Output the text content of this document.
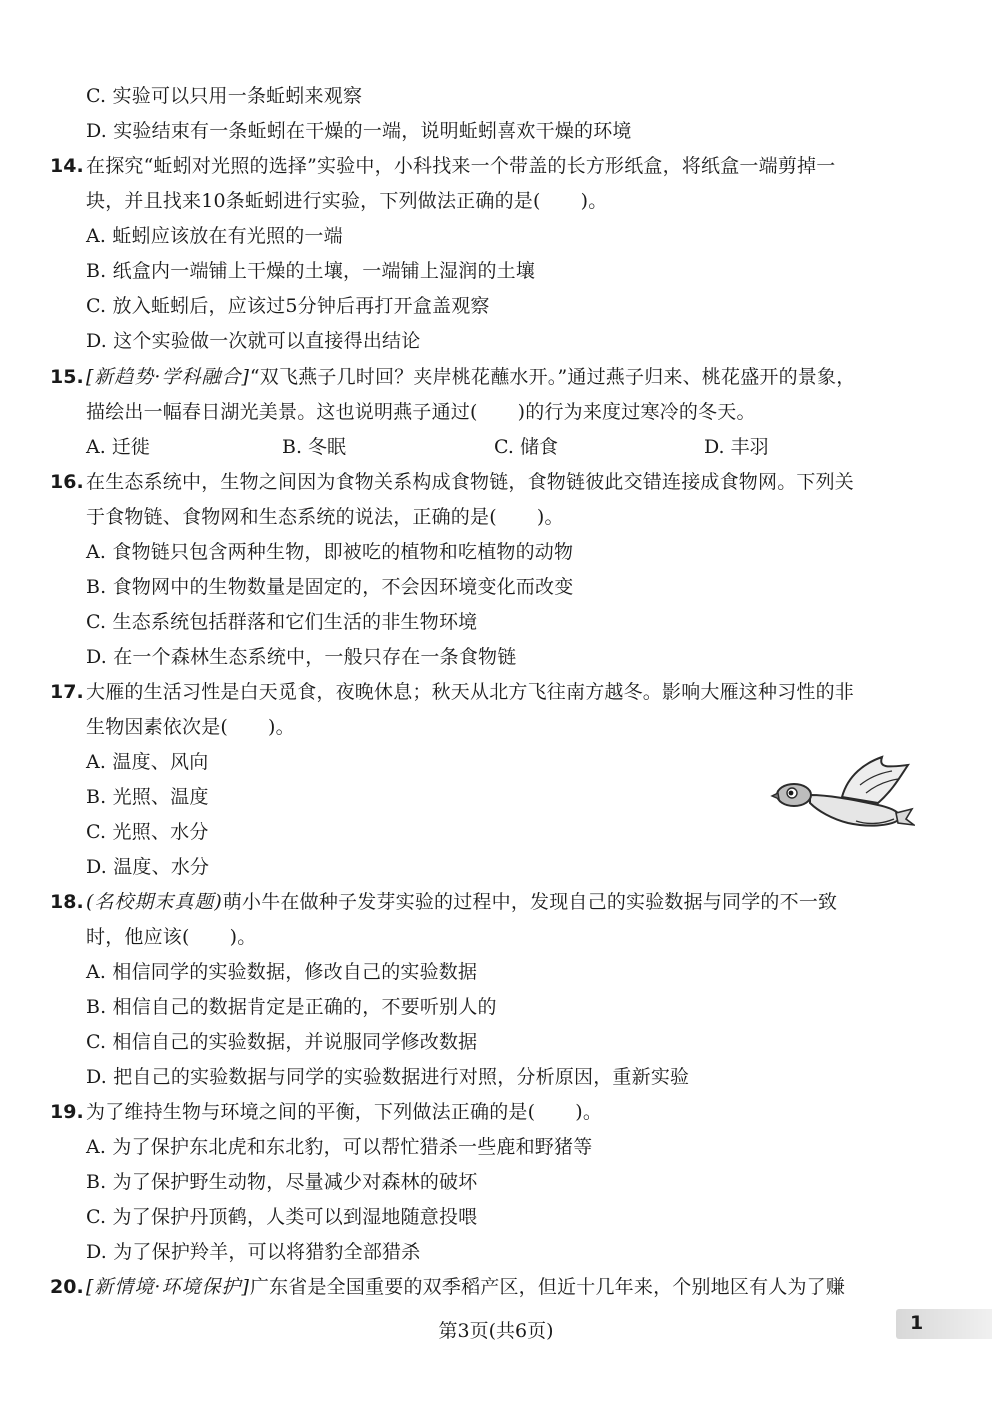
C. 实验可以只用一条蚯蚓来观察
D. 实验结束有一条蚯蚓在干燥的一端，说明蚯蚓喜欢干燥的环境
14. 在探究“蚯蚓对光照的选择”实验中，小科找来一个带盖的长方形纸盒，将纸盒一端剪掉一
块，并且找来10条蚯蚓进行实验，下列做法正确的是( )。
A. 蚯蚓应该放在有光照的一端
B. 纸盒内一端铺上干燥的土壤，一端铺上湿润的土壤
C. 放入蚯蚓后，应该过5分钟后再打开盒盖观察
D. 这个实验做一次就可以直接得出结论
15. [新趋势·学科融合]“双飞燕子几时回？夹岸桃花蘸水开。”通过燕子归来、桃花盛开的景象，
描绘出一幅春日湖光美景。这也说明燕子通过( )的行为来度过寒冷的冬天。
A. 迁徙	B. 冬眠	C. 储食	D. 丰羽
16. 在生态系统中，生物之间因为食物关系构成食物链，食物链彼此交错连接成食物网。下列关
于食物链、食物网和生态系统的说法，正确的是( )。
A. 食物链只包含两种生物，即被吃的植物和吃植物的动物
B. 食物网中的生物数量是固定的，不会因环境变化而改变
C. 生态系统包括群落和它们生活的非生物环境
D. 在一个森林生态系统中，一般只存在一条食物链
17. 大雁的生活习性是白天觅食，夜晚休息；秋天从北方飞往南方越冬。影响大雁这种习性的非
生物因素依次是( )。
A. 温度、风向
B. 光照、温度
C. 光照、水分
D. 温度、水分
18. (名校期末真题)萌小牛在做种子发芽实验的过程中，发现自己的实验数据与同学的不一致
时，他应该( )。
A. 相信同学的实验数据，修改自己的实验数据
B. 相信自己的数据肯定是正确的，不要听别人的
C. 相信自己的实验数据，并说服同学修改数据
D. 把自己的实验数据与同学的实验数据进行对照，分析原因，重新实验
19. 为了维持生物与环境之间的平衡，下列做法正确的是( )。
A. 为了保护东北虎和东北豹，可以帮忙猎杀一些鹿和野猪等
B. 为了保护野生动物，尽量减少对森林的破坏
C. 为了保护丹顶鹤，人类可以到湿地随意投喂
D. 为了保护羚羊，可以将猎豹全部猎杀
20. [新情境·环境保护]广东省是全国重要的双季稻产区，但近十几年来，个别地区有人为了赚
第3页(共6页)	1
